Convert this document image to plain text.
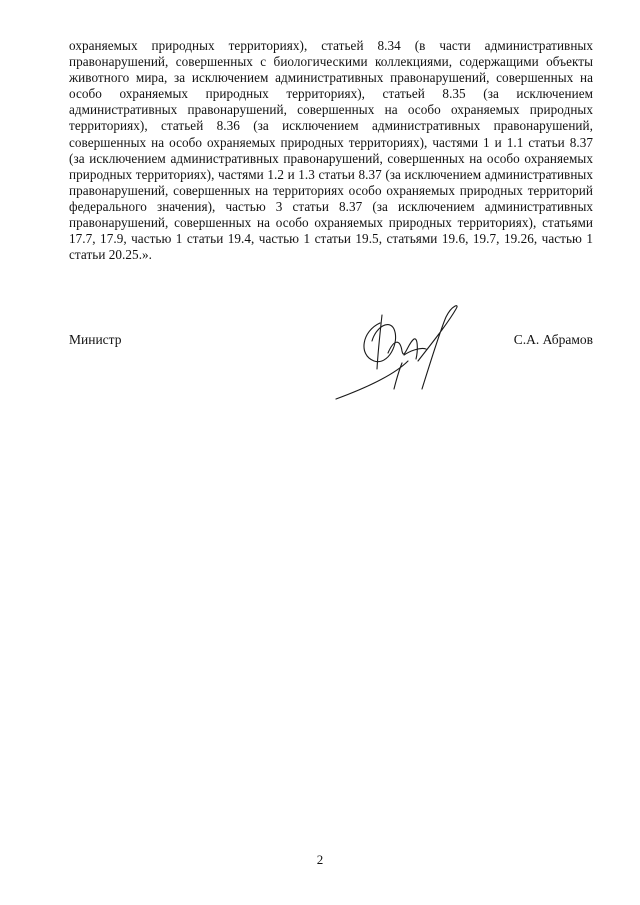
охраняемых природных территориях), статьей 8.34 (в части административных правонарушений, совершенных с биологическими коллекциями, содержащими объекты животного мира, за исключением административных правонарушений, совершенных на особо охраняемых природных территориях), статьей 8.35 (за исключением административных правонарушений, совершенных на особо охраняемых природных территориях), статьей 8.36 (за исключением административных правонарушений, совершенных на особо охраняемых природных территориях), частями 1 и 1.1 статьи 8.37 (за исключением административных правонарушений, совершенных на особо охраняемых природных территориях), частями 1.2 и 1.3 статьи 8.37 (за исключением административных правонарушений, совершенных на территориях особо охраняемых природных территорий федерального значения), частью 3 статьи 8.37 (за исключением административных правонарушений, совершенных на особо охраняемых природных территориях), статьями 17.7, 17.9, частью 1 статьи 19.4, частью 1 статьи 19.5, статьями 19.6, 19.7, 19.26, частью 1 статьи 20.25.».

Министр	С.А. Абрамов
2
